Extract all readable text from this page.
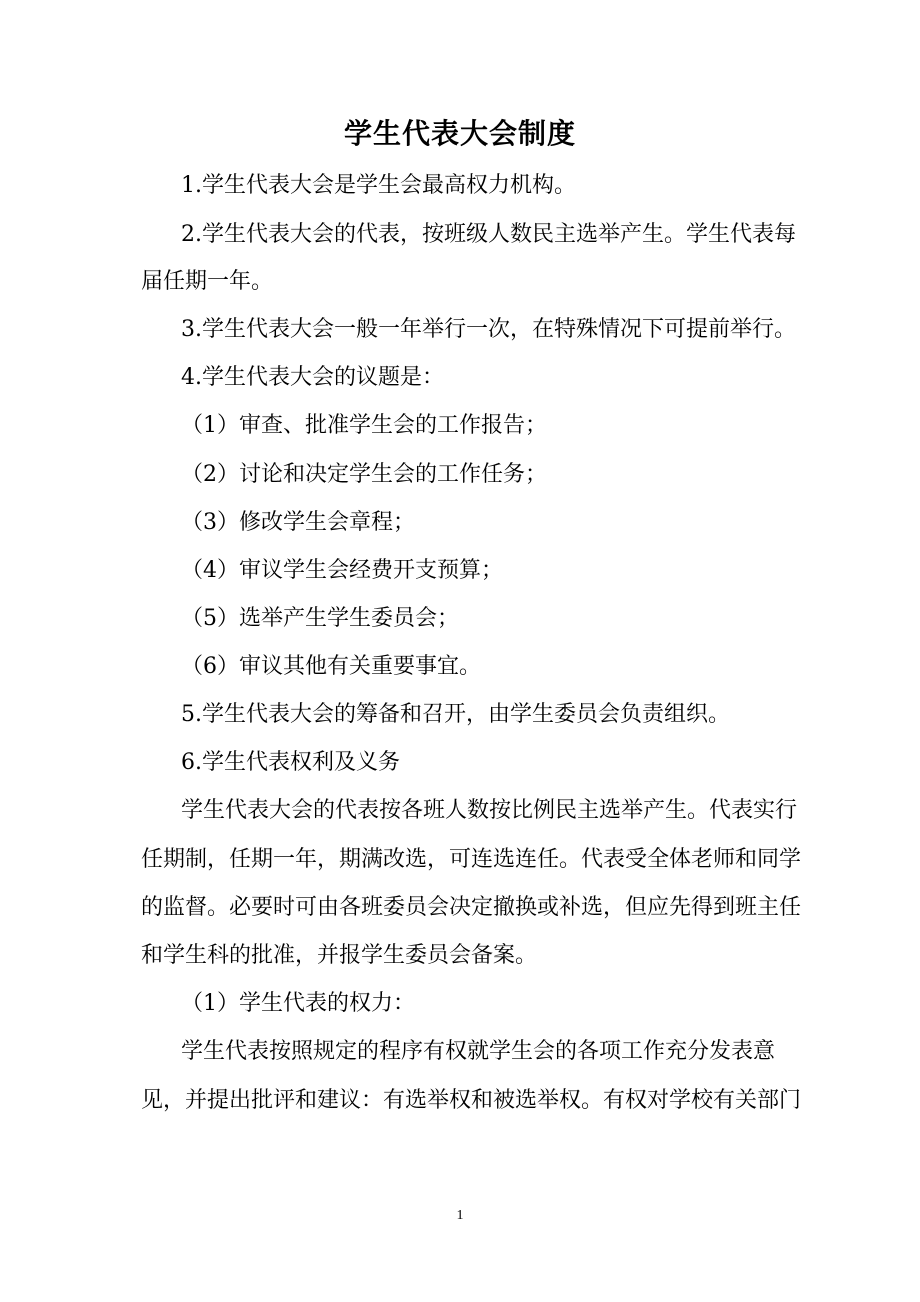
学生代表大会制度
1.学生代表大会是学生会最高权力机构。
2.学生代表大会的代表，按班级人数民主选举产生。学生代表每
届任期一年。
3.学生代表大会一般一年举行一次，在特殊情况下可提前举行。
4.学生代表大会的议题是：
（1）审查、批准学生会的工作报告；
（2）讨论和决定学生会的工作任务；
（3）修改学生会章程；
（4）审议学生会经费开支预算；
（5）选举产生学生委员会；
（6）审议其他有关重要事宜。
5.学生代表大会的筹备和召开，由学生委员会负责组织。
6.学生代表权利及义务
学生代表大会的代表按各班人数按比例民主选举产生。代表实行
任期制，任期一年，期满改选，可连选连任。代表受全体老师和同学
的监督。必要时可由各班委员会决定撤换或补选，但应先得到班主任
和学生科的批准，并报学生委员会备案。
（1）学生代表的权力：
学生代表按照规定的程序有权就学生会的各项工作充分发表意
见，并提出批评和建议：有选举权和被选举权。有权对学校有关部门
1
